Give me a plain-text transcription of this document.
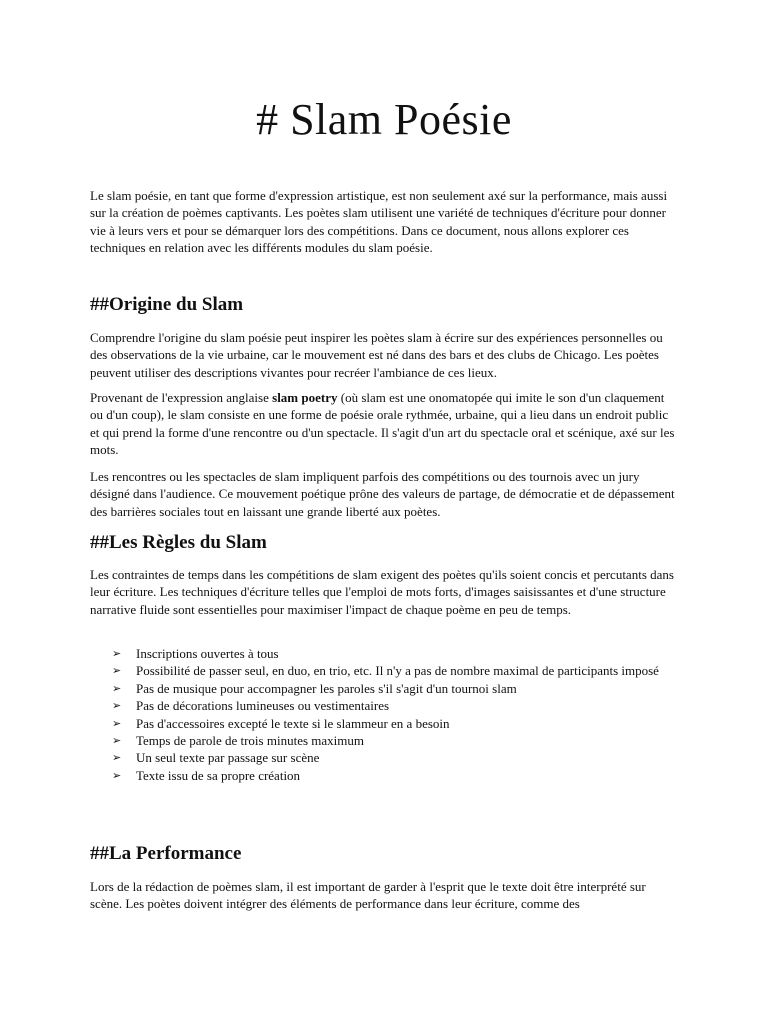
# Slam Poésie

Le slam poésie, en tant que forme d'expression artistique, est non seulement axé sur la performance, mais aussi sur la création de poèmes captivants. Les poètes slam utilisent une variété de techniques d'écriture pour donner vie à leurs vers et pour se démarquer lors des compétitions. Dans ce document, nous allons explorer ces techniques en relation avec les différents modules du slam poésie.

##Origine du Slam

Comprendre l'origine du slam poésie peut inspirer les poètes slam à écrire sur des expériences personnelles ou des observations de la vie urbaine, car le mouvement est né dans des bars et des clubs de Chicago. Les poètes peuvent utiliser des descriptions vivantes pour recréer l'ambiance de ces lieux.

Provenant de l'expression anglaise slam poetry (où slam est une onomatopée qui imite le son d'un claquement ou d'un coup), le slam consiste en une forme de poésie orale rythmée, urbaine, qui a lieu dans un endroit public et qui prend la forme d'une rencontre ou d'un spectacle. Il s'agit d'un art du spectacle oral et scénique, axé sur les mots.

Les rencontres ou les spectacles de slam impliquent parfois des compétitions ou des tournois avec un jury désigné dans l'audience. Ce mouvement poétique prône des valeurs de partage, de démocratie et de dépassement des barrières sociales tout en laissant une grande liberté aux poètes.

##Les Règles du Slam

Les contraintes de temps dans les compétitions de slam exigent des poètes qu'ils soient concis et percutants dans leur écriture. Les techniques d'écriture telles que l'emploi de mots forts, d'images saisissantes et d'une structure narrative fluide sont essentielles pour maximiser l'impact de chaque poème en peu de temps.

➢ Inscriptions ouvertes à tous
➢ Possibilité de passer seul, en duo, en trio, etc. Il n'y a pas de nombre maximal de participants imposé
➢ Pas de musique pour accompagner les paroles s'il s'agit d'un tournoi slam
➢ Pas de décorations lumineuses ou vestimentaires
➢ Pas d'accessoires excepté le texte si le slammeur en a besoin
➢ Temps de parole de trois minutes maximum
➢ Un seul texte par passage sur scène
➢ Texte issu de sa propre création
##La Performance

Lors de la rédaction de poèmes slam, il est important de garder à l'esprit que le texte doit être interprété sur scène. Les poètes doivent intégrer des éléments de performance dans leur écriture, comme des
